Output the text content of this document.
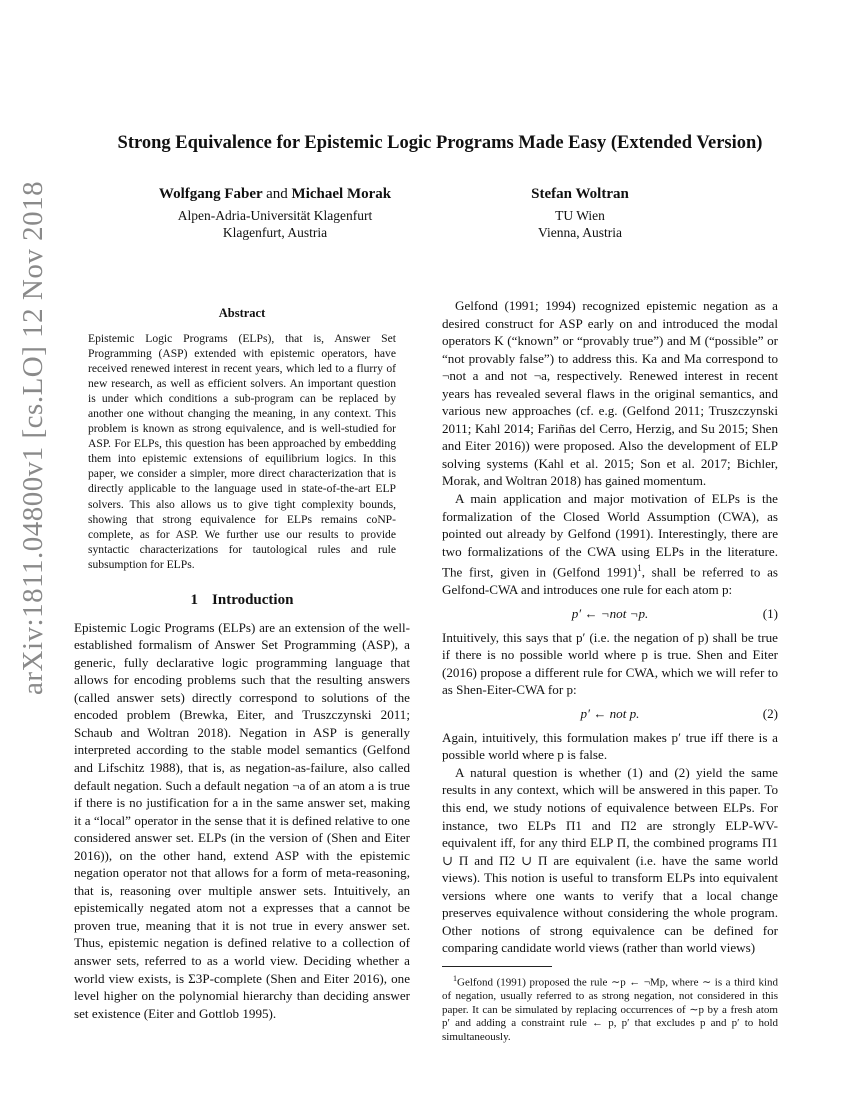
arXiv:1811.04800v1 [cs.LO] 12 Nov 2018
Strong Equivalence for Epistemic Logic Programs Made Easy (Extended Version)
Wolfgang Faber and Michael Morak
Alpen-Adria-Universität Klagenfurt
Klagenfurt, Austria
Stefan Woltran
TU Wien
Vienna, Austria
Abstract
Epistemic Logic Programs (ELPs), that is, Answer Set Programming (ASP) extended with epistemic operators, have received renewed interest in recent years, which led to a flurry of new research, as well as efficient solvers. An important question is under which conditions a sub-program can be replaced by another one without changing the meaning, in any context. This problem is known as strong equivalence, and is well-studied for ASP. For ELPs, this question has been approached by embedding them into epistemic extensions of equilibrium logics. In this paper, we consider a simpler, more direct characterization that is directly applicable to the language used in state-of-the-art ELP solvers. This also allows us to give tight complexity bounds, showing that strong equivalence for ELPs remains coNP-complete, as for ASP. We further use our results to provide syntactic characterizations for tautological rules and rule subsumption for ELPs.
1 Introduction

Epistemic Logic Programs (ELPs) are an extension of the well-established formalism of Answer Set Programming (ASP), a generic, fully declarative logic programming language that allows for encoding problems such that the resulting answers (called answer sets) directly correspond to solutions of the encoded problem (Brewka, Eiter, and Truszczynski 2011; Schaub and Woltran 2018). Negation in ASP is generally interpreted according to the stable model semantics (Gelfond and Lifschitz 1988), that is, as negation-as-failure, also called default negation. Such a default negation ¬a of an atom a is true if there is no justification for a in the same answer set, making it a “local” operator in the sense that it is defined relative to one considered answer set. ELPs (in the version of (Shen and Eiter 2016)), on the other hand, extend ASP with the epistemic negation operator not that allows for a form of meta-reasoning, that is, reasoning over multiple answer sets. Intuitively, an epistemically negated atom not a expresses that a cannot be proven true, meaning that it is not true in every answer set. Thus, epistemic negation is defined relative to a collection of answer sets, referred to as a world view. Deciding whether a world view exists, is Σ3P-complete (Shen and Eiter 2016), one level higher on the polynomial hierarchy than deciding answer set existence (Eiter and Gottlob 1995).

Gelfond (1991; 1994) recognized epistemic negation as a desired construct for ASP early on and introduced the modal operators K (“known” or “provably true”) and M (“possible” or “not provably false”) to address this. Ka and Ma correspond to ¬not a and not ¬a, respectively. Renewed interest in recent years has revealed several flaws in the original semantics, and various new approaches (cf. e.g. (Gelfond 2011; Truszczynski 2011; Kahl 2014; Fariñas del Cerro, Herzig, and Su 2015; Shen and Eiter 2016)) were proposed. Also the development of ELP solving systems (Kahl et al. 2015; Son et al. 2017; Bichler, Morak, and Woltran 2018) has gained momentum.

A main application and major motivation of ELPs is the formalization of the Closed World Assumption (CWA), as pointed out already by Gelfond (1991). Interestingly, there are two formalizations of the CWA using ELPs in the literature. The first, given in (Gelfond 1991)$^1$, shall be referred to as Gelfond-CWA and introduces one rule for each atom p:

p′ ← ¬not ¬p.	(1)

Intuitively, this says that p′ (i.e. the negation of p) shall be true if there is no possible world where p is true. Shen and Eiter (2016) propose a different rule for CWA, which we will refer to as Shen-Eiter-CWA for p:

p′ ← not p.	(2)

Again, intuitively, this formulation makes p′ true iff there is a possible world where p is false.

A natural question is whether (1) and (2) yield the same results in any context, which will be answered in this paper. To this end, we study notions of equivalence between ELPs. For instance, two ELPs Π1 and Π2 are strongly ELP-WV-equivalent iff, for any third ELP Π, the combined programs Π1 ∪ Π and Π2 ∪ Π are equivalent (i.e. have the same world views). This notion is useful to transform ELPs into equivalent versions where one wants to verify that a local change preserves equivalence without considering the whole program. Other notions of strong equivalence can be defined for comparing candidate world views (rather than world views)

$^1$Gelfond (1991) proposed the rule ∼p ← ¬Mp, where ∼ is a third kind of negation, usually referred to as strong negation, not considered in this paper. It can be simulated by replacing occurrences of ∼p by a fresh atom p′ and adding a constraint rule ← p, p′ that excludes p and p′ to hold simultaneously.
